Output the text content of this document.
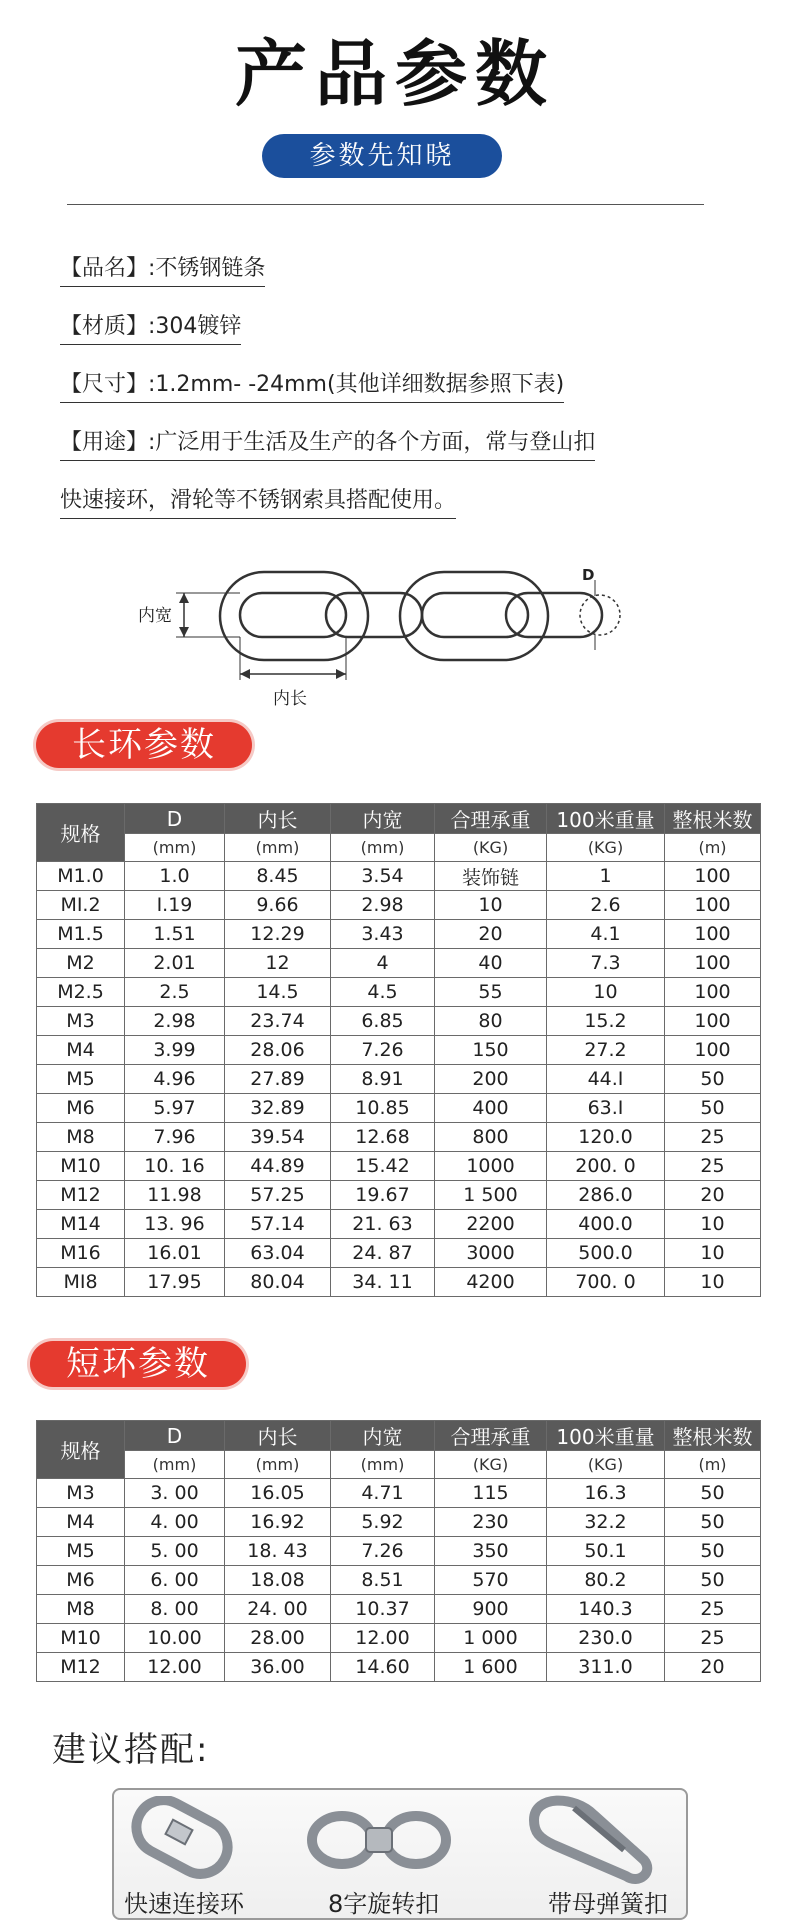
产品参数
参数先知晓
【品名】:不锈钢链条
【材质】:304镀锌
【尺寸】:1.2mm- -24mm(其他详细数据参照下表)
【用途】:广泛用于生活及生产的各个方面，常与登山扣
快速接环，滑轮等不锈钢索具搭配使用。
内宽
内长
D
长环参数
规格	D	内长	内宽	合理承重	100米重量	整根米数
	(mm)	(mm)	(mm)	(KG)	(KG)	(m)
M1.0	1.0	8.45	3.54	装饰链	1	100
MI.2	I.19	9.66	2.98	10	2.6	100
M1.5	1.51	12.29	3.43	20	4.1	100
M2	2.01	12	4	40	7.3	100
M2.5	2.5	14.5	4.5	55	10	100
M3	2.98	23.74	6.85	80	15.2	100
M4	3.99	28.06	7.26	150	27.2	100
M5	4.96	27.89	8.91	200	44.I	50
M6	5.97	32.89	10.85	400	63.I	50
M8	7.96	39.54	12.68	800	120.0	25
M10	10. 16	44.89	15.42	1000	200. 0	25
M12	11.98	57.25	19.67	1 500	286.0	20
M14	13. 96	57.14	21. 63	2200	400.0	10
M16	16.01	63.04	24. 87	3000	500.0	10
MI8	17.95	80.04	34. 11	4200	700. 0	10
短环参数
规格	D	内长	内宽	合理承重	100米重量	整根米数
	(mm)	(mm)	(mm)	(KG)	(KG)	(m)
M3	3. 00	16.05	4.71	115	16.3	50
M4	4. 00	16.92	5.92	230	32.2	50
M5	5. 00	18. 43	7.26	350	50.1	50
M6	6. 00	18.08	8.51	570	80.2	50
M8	8. 00	24. 00	10.37	900	140.3	25
M10	10.00	28.00	12.00	1 000	230.0	25
M12	12.00	36.00	14.60	1 600	311.0	20
建议搭配:
快速连接环	8字旋转扣	带母弹簧扣
